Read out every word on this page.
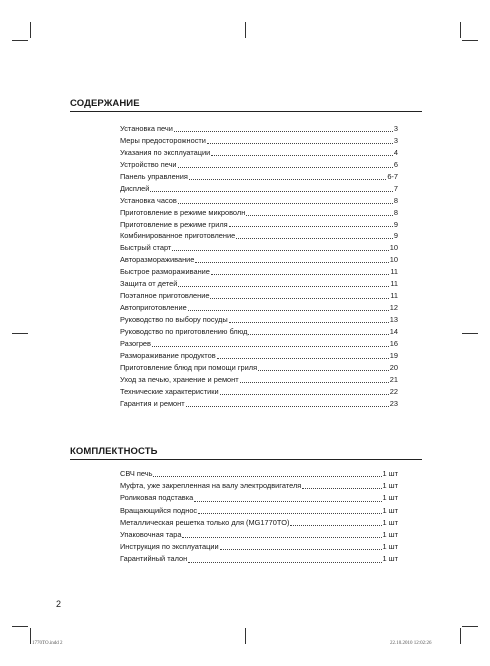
СОДЕРЖАНИЕ
Установка печи	3
Меры предосторожности	3
Указания по эксплуатации	4
Устройство печи	6
Панель управления	6-7
Дисплей	7
Установка часов	8
Приготовление в режиме микроволн	8
Приготовление в режиме гриля	9
Комбинированное приготовление	9
Быстрый старт	10
Авторазмораживание	10
Быстрое размораживание	11
Защита от детей	11
Поэтапное приготовление	11
Автоприготовление	12
Руководство по выбору посуды	13
Руководство по приготовлению блюд	14
Разогрев	16
Размораживание продуктов	19
Приготовление блюд при помощи гриля	20
Уход за печью, хранение и ремонт	21
Технические характеристики	22
Гарантия и ремонт	23
КОМПЛЕКТНОСТЬ
СВЧ печь	1 шт
Муфта, уже закрепленная на валу электродвигателя	1 шт
Роликовая подставка	1 шт
Вращающийся поднос	1 шт
Металлическая решетка только для (MG1770TO)	1 шт
Упаковочная тара	1 шт
Инструкция по эксплуатации	1 шт
Гарантийный талон	1 шт
2
1770TO.indd 2	22.10.2010 12:02:26
